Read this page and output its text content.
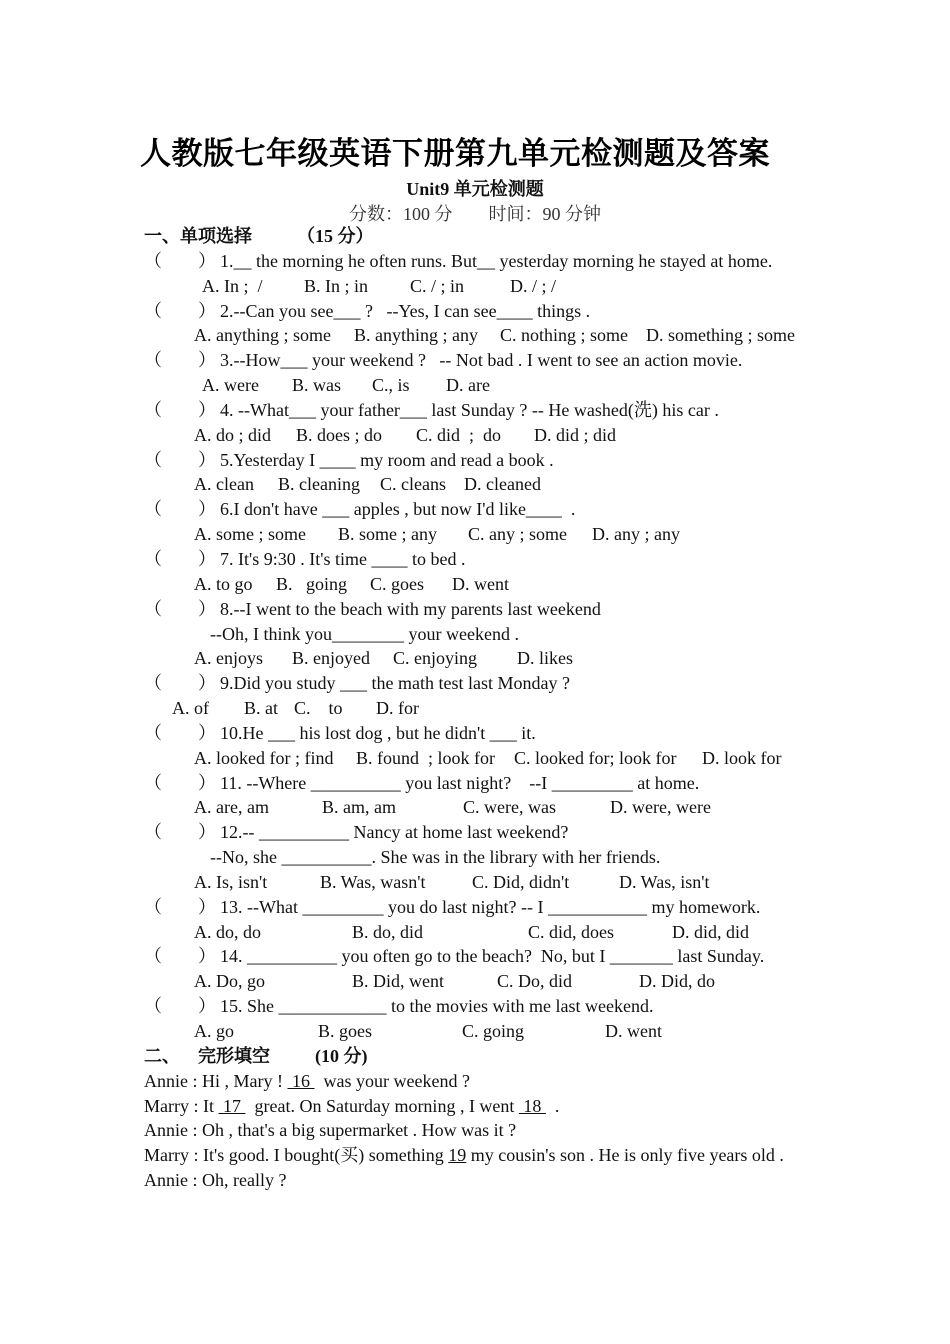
人教版七年级英语下册第九单元检测题及答案
Unit9 单元检测题
分数：100 分 时间：90 分钟
一、单项选择          （15 分）
（        ） 1.__ the morning he often runs. But__ yesterday morning he stayed at home.
A. In ;  / B. In ; in C. / ; in	D. / ; /
（        ） 2.--Can you see___ ?   --Yes, I can see____ things .
A. anything ; some B. anything ; any C. nothing ; some D. something ; some
（        ） 3.--How___ your weekend ?   -- Not bad . I went to see an action movie.
A. were B. was C., is D. are
（        ） 4. --What___ your father___ last Sunday ? -- He washed(洗) his car .
A. do ; did B. does ; do C. did  ;  do D. did ; did
（        ） 5.Yesterday I ____ my room and read a book .
A. clean B. cleaning C. cleans D. cleaned
（        ） 6.I don't have ___ apples , but now I'd like____  .
A. some ; some B. some ; any C. any ; some D. any ; any
（        ） 7. It's 9:30 . It's time ____ to bed .
A. to go B.   going C. goes D. went
（        ） 8.--I went to the beach with my parents last weekend
--Oh, I think you________ your weekend .
A. enjoys B. enjoyed C. enjoying D. likes
（        ） 9.Did you study ___ the math test last Monday ?
A. of B. at C.    to D. for
（        ） 10.He ___ his lost dog , but he didn't ___ it.
A. looked for ; find B. found  ; look for C. looked for; look for D. look for
（        ） 11. --Where __________ you last night?    --I _________ at home.
A. are, am	B. am, am	C. were, was	D. were, were
（        ） 12.-- __________ Nancy at home last weekend?
--No, she __________. She was in the library with her friends.
A. Is, isn't	B. Was, wasn't	C. Did, didn't	D. Was, isn't
（        ） 13. --What _________ you do last night? -- I ___________ my homework.
A. do, do	B. do, did	C. did, does	D. did, did
（        ） 14. __________ you often go to the beach?  No, but I _______ last Sunday.
A. Do, go	B. Did, went	C. Do, did	D. Did, do
（        ） 15. She ____________ to the movies with me last weekend.
A. go	B. goes	C. going	D. went
二、    完形填空          (10 分)
Annie : Hi , Mary !  16   was your weekend ?
Marry : It  17   great. On Saturday morning , I went  18   .
Annie : Oh , that's a big supermarket . How was it ?
Marry : It's good. I bought(买) something 19 my cousin's son . He is only five years old .
Annie : Oh, really ?
